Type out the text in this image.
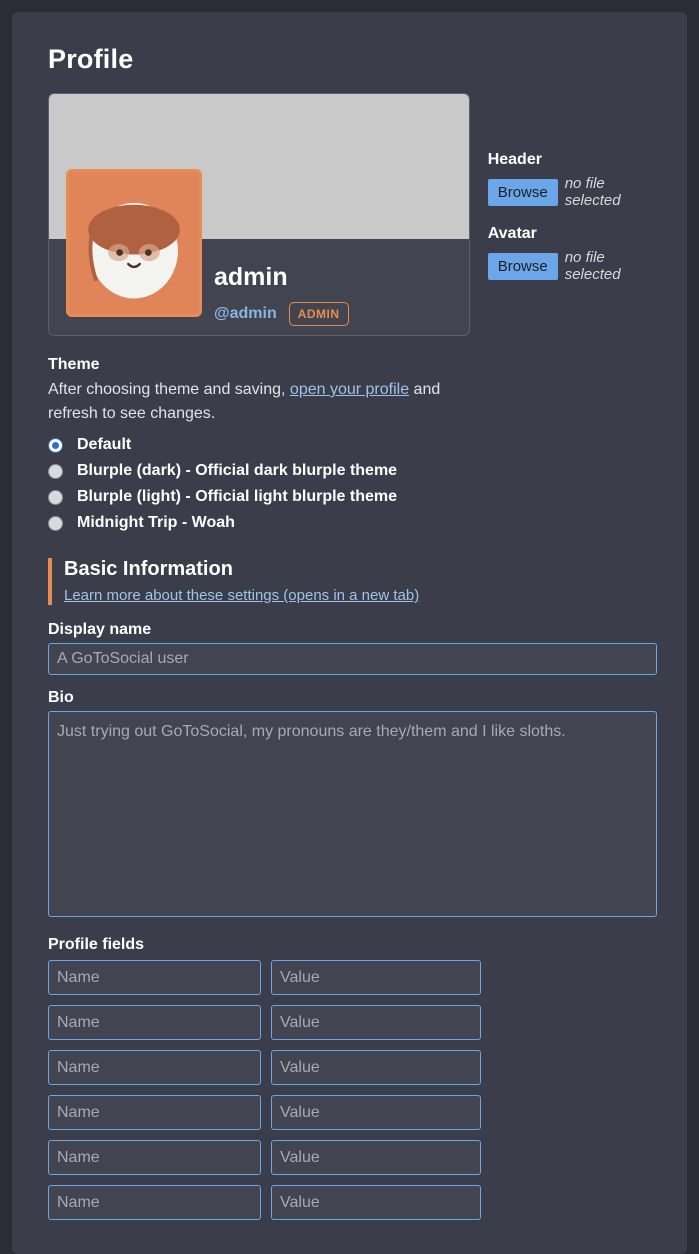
Profile
admin
@admin	ADMIN
Header
Browse	no file selected
Avatar
Browse	no file selected
Theme

After choosing theme and saving, open your profile and refresh to see changes.

Default
Blurple (dark) - Official dark blurple theme
Blurple (light) - Official light blurple theme
Midnight Trip - Woah
Basic Information
Learn more about these settings (opens in a new tab)
Display name
A GoToSocial user
Bio
Just trying out GoToSocial, my pronouns are they/them and I like sloths.
Profile fields
Name
Value
Name
Value
Name
Value
Name
Value
Name
Value
Name
Value
